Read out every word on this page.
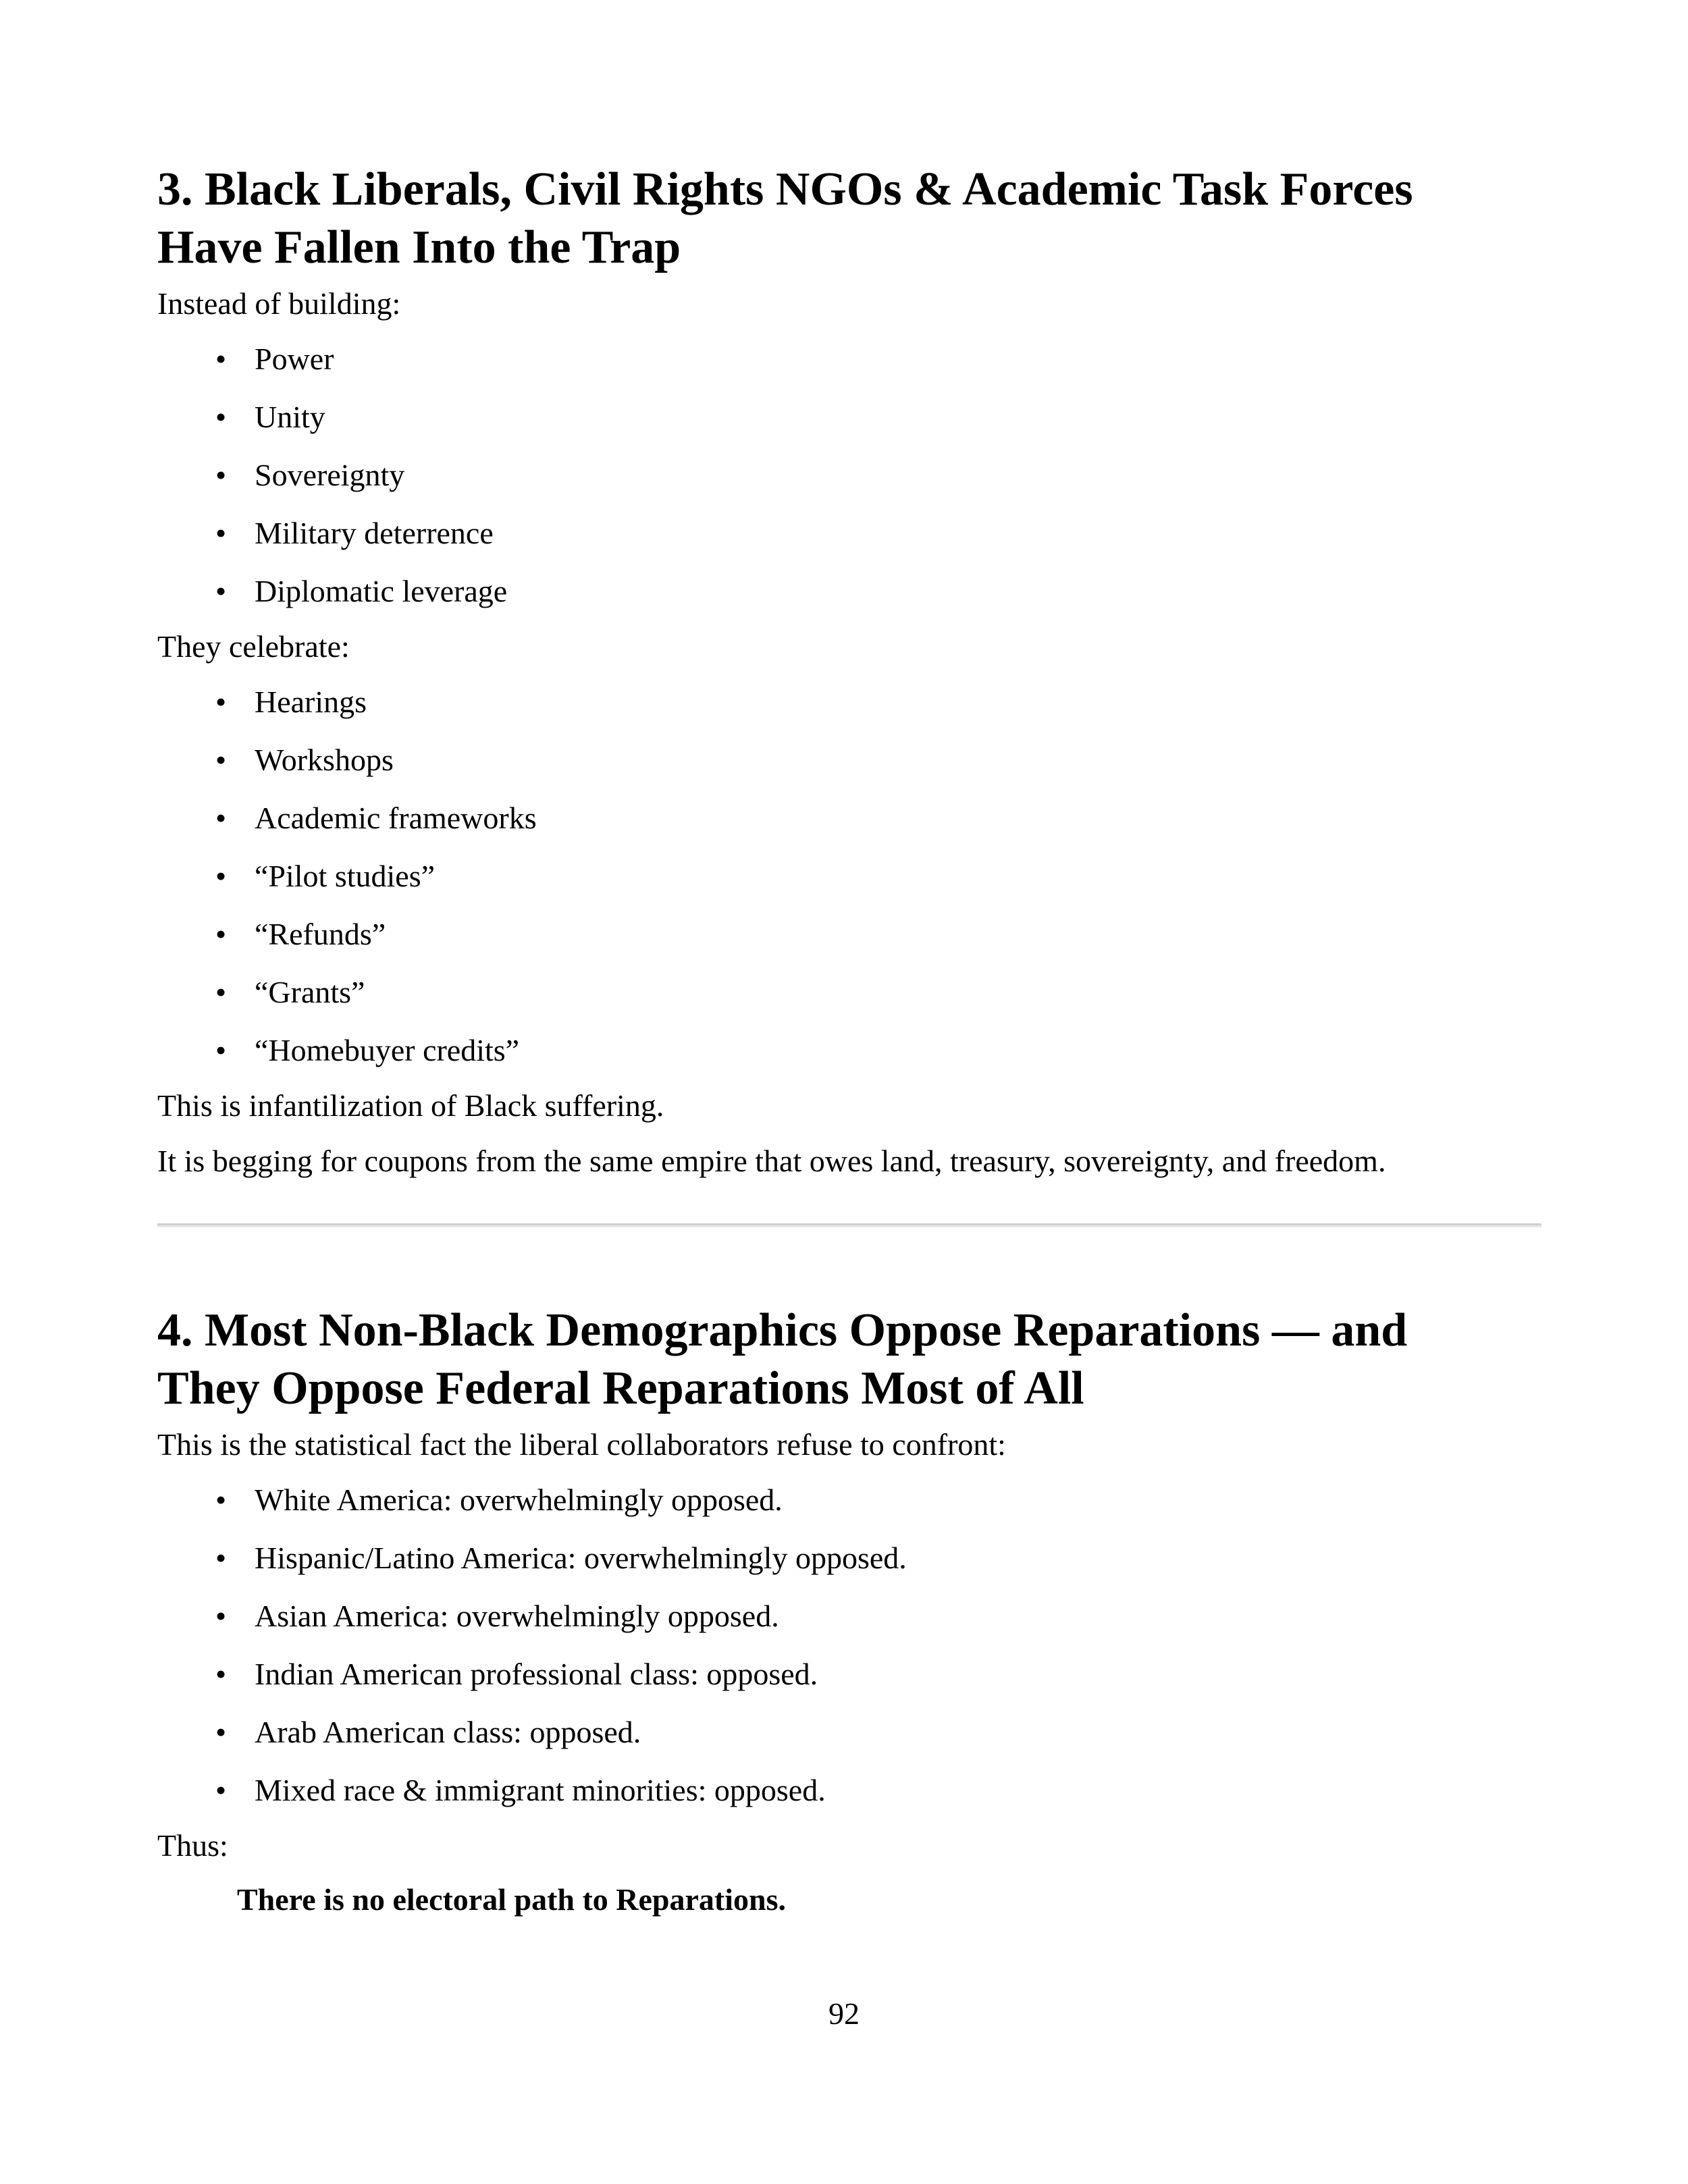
3. Black Liberals, Civil Rights NGOs & Academic Task Forces
Have Fallen Into the Trap

Instead of building:

• Power
• Unity
• Sovereignty
• Military deterrence
• Diplomatic leverage

They celebrate:

• Hearings
• Workshops
• Academic frameworks
• “Pilot studies”
• “Refunds”
• “Grants”
• “Homebuyer credits”

This is infantilization of Black suffering.

It is begging for coupons from the same empire that owes land, treasury, sovereignty, and freedom.

4. Most Non-Black Demographics Oppose Reparations — and
They Oppose Federal Reparations Most of All

This is the statistical fact the liberal collaborators refuse to confront:

• White America: overwhelmingly opposed.
• Hispanic/Latino America: overwhelmingly opposed.
• Asian America: overwhelmingly opposed.
• Indian American professional class: opposed.
• Arab American class: opposed.
• Mixed race & immigrant minorities: opposed.

Thus:

There is no electoral path to Reparations.

92
